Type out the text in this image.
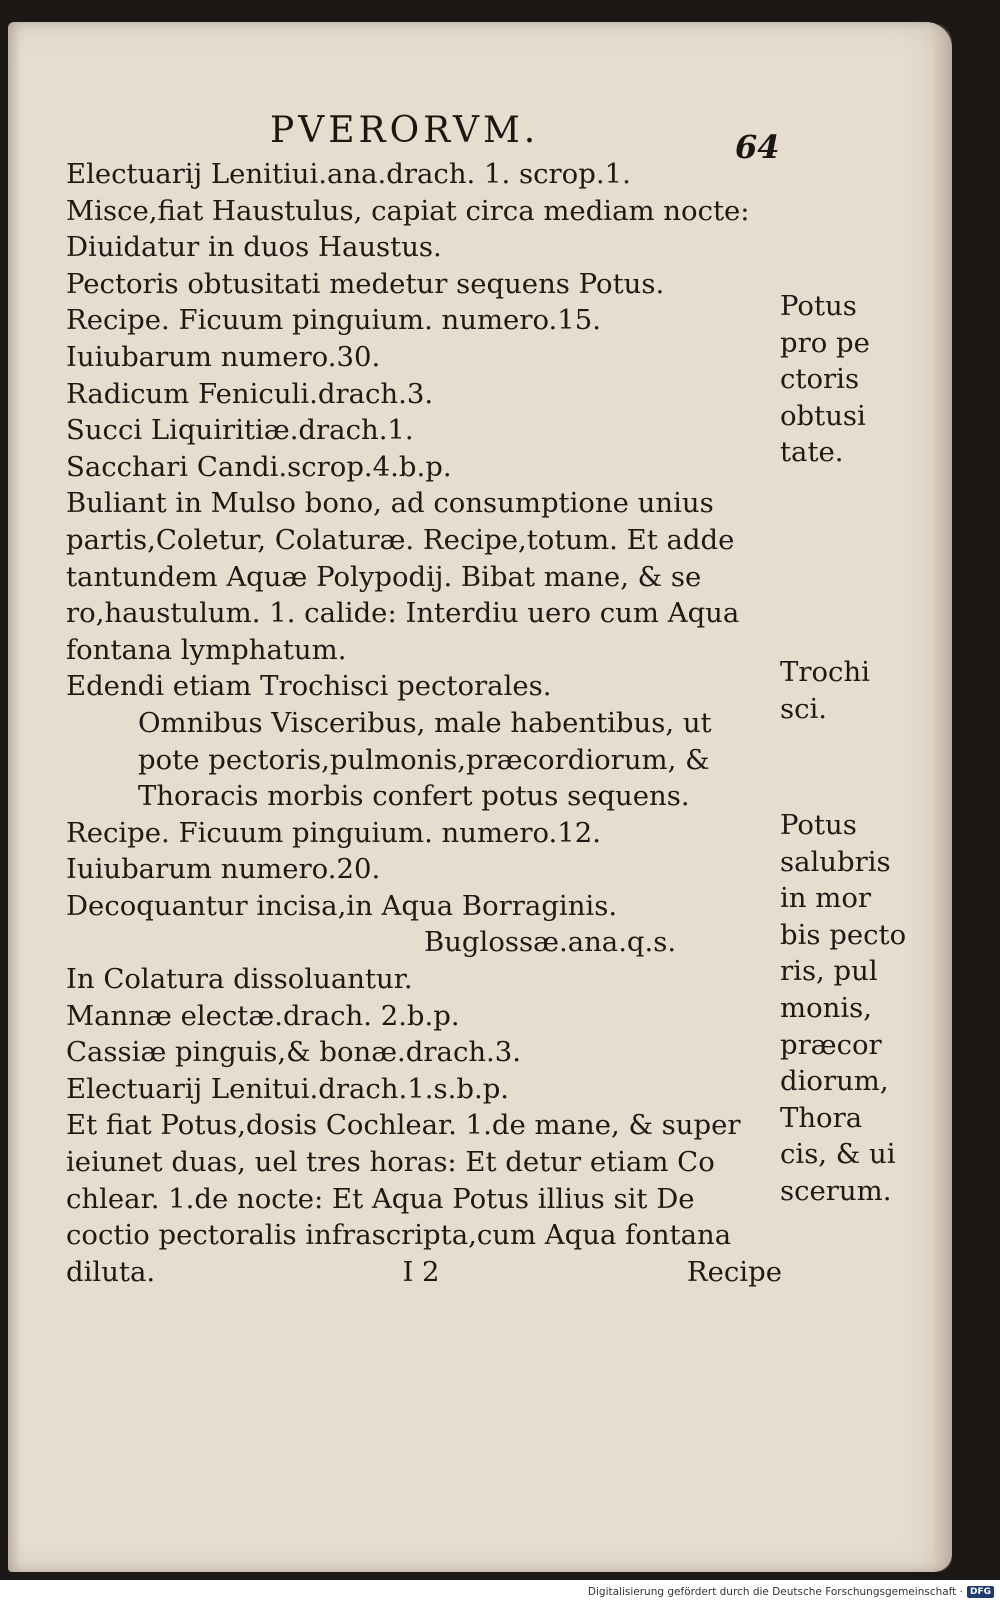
PVERORVM.	64
Electuarij Lenitiui.ana.drach. 1. scrop.1.
Misce,fiat Haustulus, capiat circa mediam nocte:
Diuidatur in duos Haustus.
Pectoris obtusitati medetur sequens Potus.
Recipe. Ficuum pinguium. numero.15.
Iuiubarum numero.30.
Radicum Feniculi.drach.3.
Succi Liquiritiæ.drach.1.
Sacchari Candi.scrop.4.b.p.
Buliant in Mulso bono, ad consumptione unius
partis,Coletur, Colaturæ. Recipe,totum. Et adde
tantundem Aquæ Polypodij. Bibat mane, & se
ro,haustulum. 1. calide: Interdiu uero cum Aqua
fontana lymphatum.
Edendi etiam Trochisci pectorales.
Omnibus Visceribus, male habentibus, ut
pote pectoris,pulmonis,præcordiorum, &
Thoracis morbis confert potus sequens.
Recipe. Ficuum pinguium. numero.12.
Iuiubarum numero.20.
Decoquantur incisa,in Aqua Borraginis.
Buglossæ.ana.q.s.
In Colatura dissoluantur.
Mannæ electæ.drach. 2.b.p.
Cassiæ pinguis,& bonæ.drach.3.
Electuarij Lenitui.drach.1.s.b.p.
Et fiat Potus,dosis Cochlear. 1.de mane, & super
ieiunet duas, uel tres horas: Et detur etiam Co
chlear. 1.de nocte: Et Aqua Potus illius sit De
coctio pectoralis infrascripta,cum Aqua fontana
diluta.	I 2	Recipe
Potus
pro pe
ctoris
obtusi
tate.
Trochi
sci.
Potus
salubris
in mor
bis pecto
ris, pul
monis,
præcor
diorum,
Thora
cis, & ui
scerum.
Digitalisierung gefördert durch die Deutsche Forschungsgemeinschaft · DFG
